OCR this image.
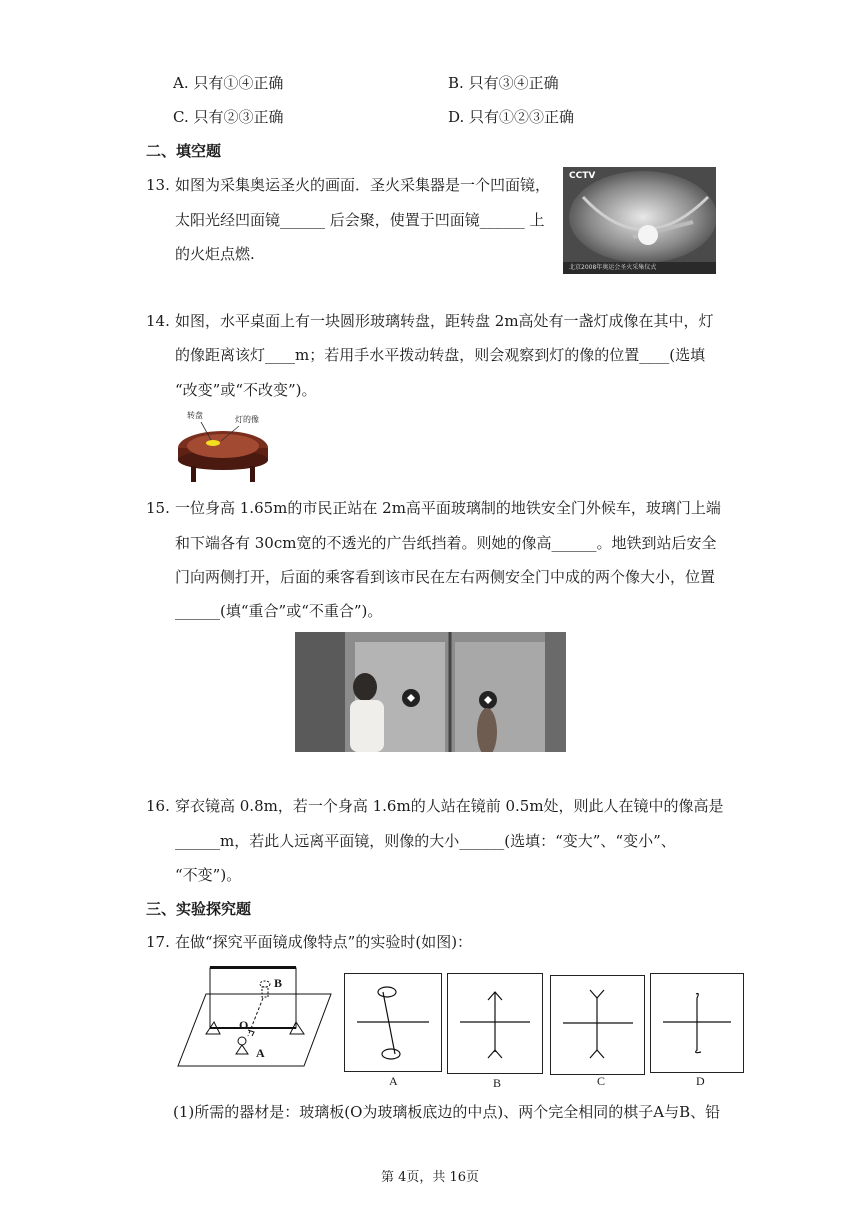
A. 只有①④正确	B. 只有③④正确
C. 只有②③正确	D. 只有①②③正确
二、填空题
13. 如图为采集奥运圣火的画面．圣火采集器是一个凹面镜，
太阳光经凹面镜______ 后会聚，使置于凹面镜______ 上
的火炬点燃.
CCTV
北京2008年奥运会圣火采集仪式
14. 如图，水平桌面上有一块圆形玻璃转盘，距转盘 2m高处有一盏灯成像在其中，灯
的像距离该灯____m；若用手水平拨动转盘，则会观察到灯的像的位置____(选填
“改变”或“不改变”)。
转盘	灯的像
15. 一位身高 1.65m的市民正站在 2m高平面玻璃制的地铁安全门外候车，玻璃门上端
和下端各有 30cm宽的不透光的广告纸挡着。则她的像高______。地铁到站后安全
门向两侧打开，后面的乘客看到该市民在左右两侧安全门中成的两个像大小，位置
______(填“重合”或“不重合”)。
16. 穿衣镜高 0.8m，若一个身高 1.6m的人站在镜前 0.5m处，则此人在镜中的像高是
______m，若此人远离平面镜，则像的大小______(选填：“变大”、“变小”、
“不变”)。
三、实验探究题
17. 在做“探究平面镜成像特点”的实验时(如图)：
B
O
A
A	B	C	D
(1)所需的器材是：玻璃板(O为玻璃板底边的中点)、两个完全相同的棋子A与B、铅
第 4页，共 16页
